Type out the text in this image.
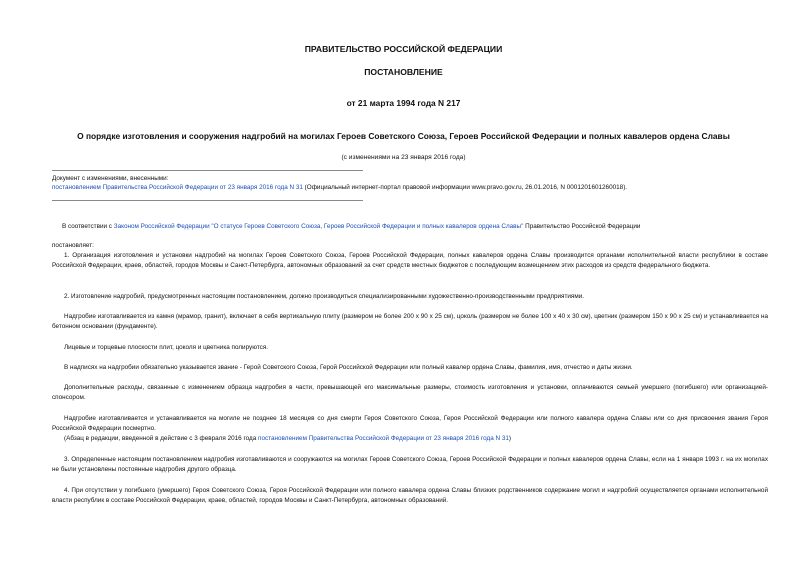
ПРАВИТЕЛЬСТВО РОССИЙСКОЙ ФЕДЕРАЦИИ
ПОСТАНОВЛЕНИЕ
от 21 марта 1994 года N 217
О порядке изготовления и сооружения надгробий на могилах Героев Советского Союза, Героев Российской Федерации и полных кавалеров ордена Славы
(с изменениями на 23 января 2016 года)
Документ с изменениями, внесенными:
постановлением Правительства Российской Федерации от 23 января 2016 года N 31 (Официальный интернет-портал правовой информации www.pravo.gov.ru, 26.01.2016, N 0001201601260018).
В соответствии с Законом Российской Федерации "О статусе Героев Советского Союза, Героев Российской Федерации и полных кавалеров ордена Славы" Правительство Российской Федерации
постановляет:
1. Организация изготовления и установки надгробий на могилах Героев Советского Союза, Героев Российской Федерации, полных кавалеров ордена Славы производится органами исполнительной власти республики в составе Российской Федерации, краев, областей, городов Москвы и Санкт-Петербурга, автономных образований за счет средств местных бюджетов с последующим возмещением этих расходов из средств федерального бюджета.
2. Изготовление надгробий, предусмотренных настоящим постановлением, должно производиться специализированными художественно-производственными предприятиями.
Надгробие изготавливается из камня (мрамор, гранит), включает в себя вертикальную плиту (размером не более 200 x 90 x 25 см), цоколь (размером не более 100 x 40 x 30 см), цветник (размером 150 x 90 x 25 см) и устанавливается на бетонном основании (фундаменте).
Лицевые и торцевые плоскости плит, цоколя и цветника полируются.
В надписях на надгробии обязательно указывается звание - Герой Советского Союза, Герой Российской Федерации или полный кавалер ордена Славы, фамилия, имя, отчество и даты жизни.
Дополнительные расходы, связанные с изменением образца надгробия в части, превышающей его максимальные размеры, стоимость изготовления и установки, оплачиваются семьей умершего (погибшего) или организацией-спонсором.
Надгробие изготавливается и устанавливается на могиле не позднее 18 месяцев со дня смерти Героя Советского Союза, Героя Российской Федерации или полного кавалера ордена Славы или со дня присвоения звания Героя Российской Федерации посмертно.
(Абзац в редакции, введенной в действие с 3 февраля 2016 года постановлением Правительства Российской Федерации от 23 января 2016 года N 31)
3. Определенные настоящим постановлением надгробия изготавливаются и сооружаются на могилах Героев Советского Союза, Героев Российской Федерации и полных кавалеров ордена Славы, если на 1 января 1993 г. на их могилах не были установлены постоянные надгробия другого образца.
4. При отсутствии у погибшего (умершего) Героя Советского Союза, Героя Российской Федерации или полного кавалера ордена Славы близких родственников содержание могил и надгробий осуществляется органами исполнительной власти республик в составе Российской Федерации, краев, областей, городов Москвы и Санкт-Петербурга, автономных образований.
